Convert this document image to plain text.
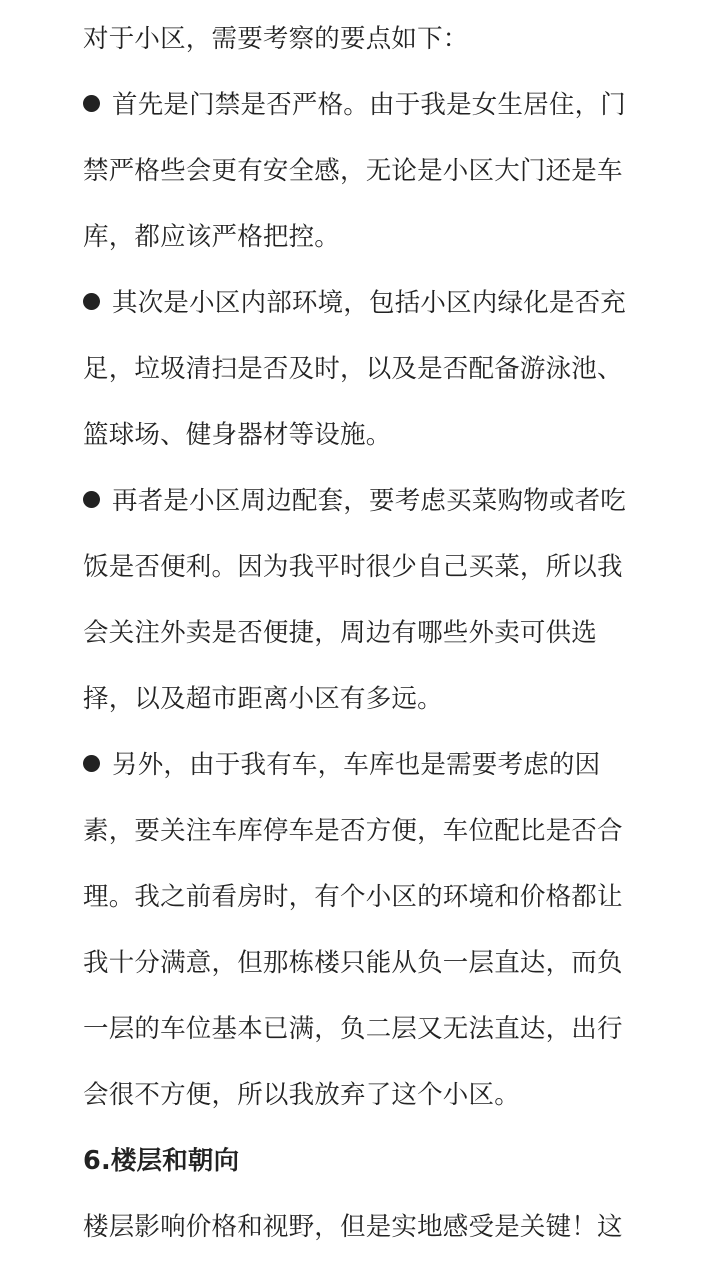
对于小区，需要考察的要点如下：

首先是门禁是否严格。由于我是女生居住，门禁严格些会更有安全感，无论是小区大门还是车库，都应该严格把控。

其次是小区内部环境，包括小区内绿化是否充足，垃圾清扫是否及时，以及是否配备游泳池、篮球场、健身器材等设施。

再者是小区周边配套，要考虑买菜购物或者吃饭是否便利。因为我平时很少自己买菜，所以我会关注外卖是否便捷，周边有哪些外卖可供选择，以及超市距离小区有多远。

另外，由于我有车，车库也是需要考虑的因素，要关注车库停车是否方便，车位配比是否合理。我之前看房时，有个小区的环境和价格都让我十分满意，但那栋楼只能从负一层直达，而负一层的车位基本已满，负二层又无法直达，出行会很不方便，所以我放弃了这个小区。

6.楼层和朝向

楼层影响价格和视野，但是实地感受是关键！这
